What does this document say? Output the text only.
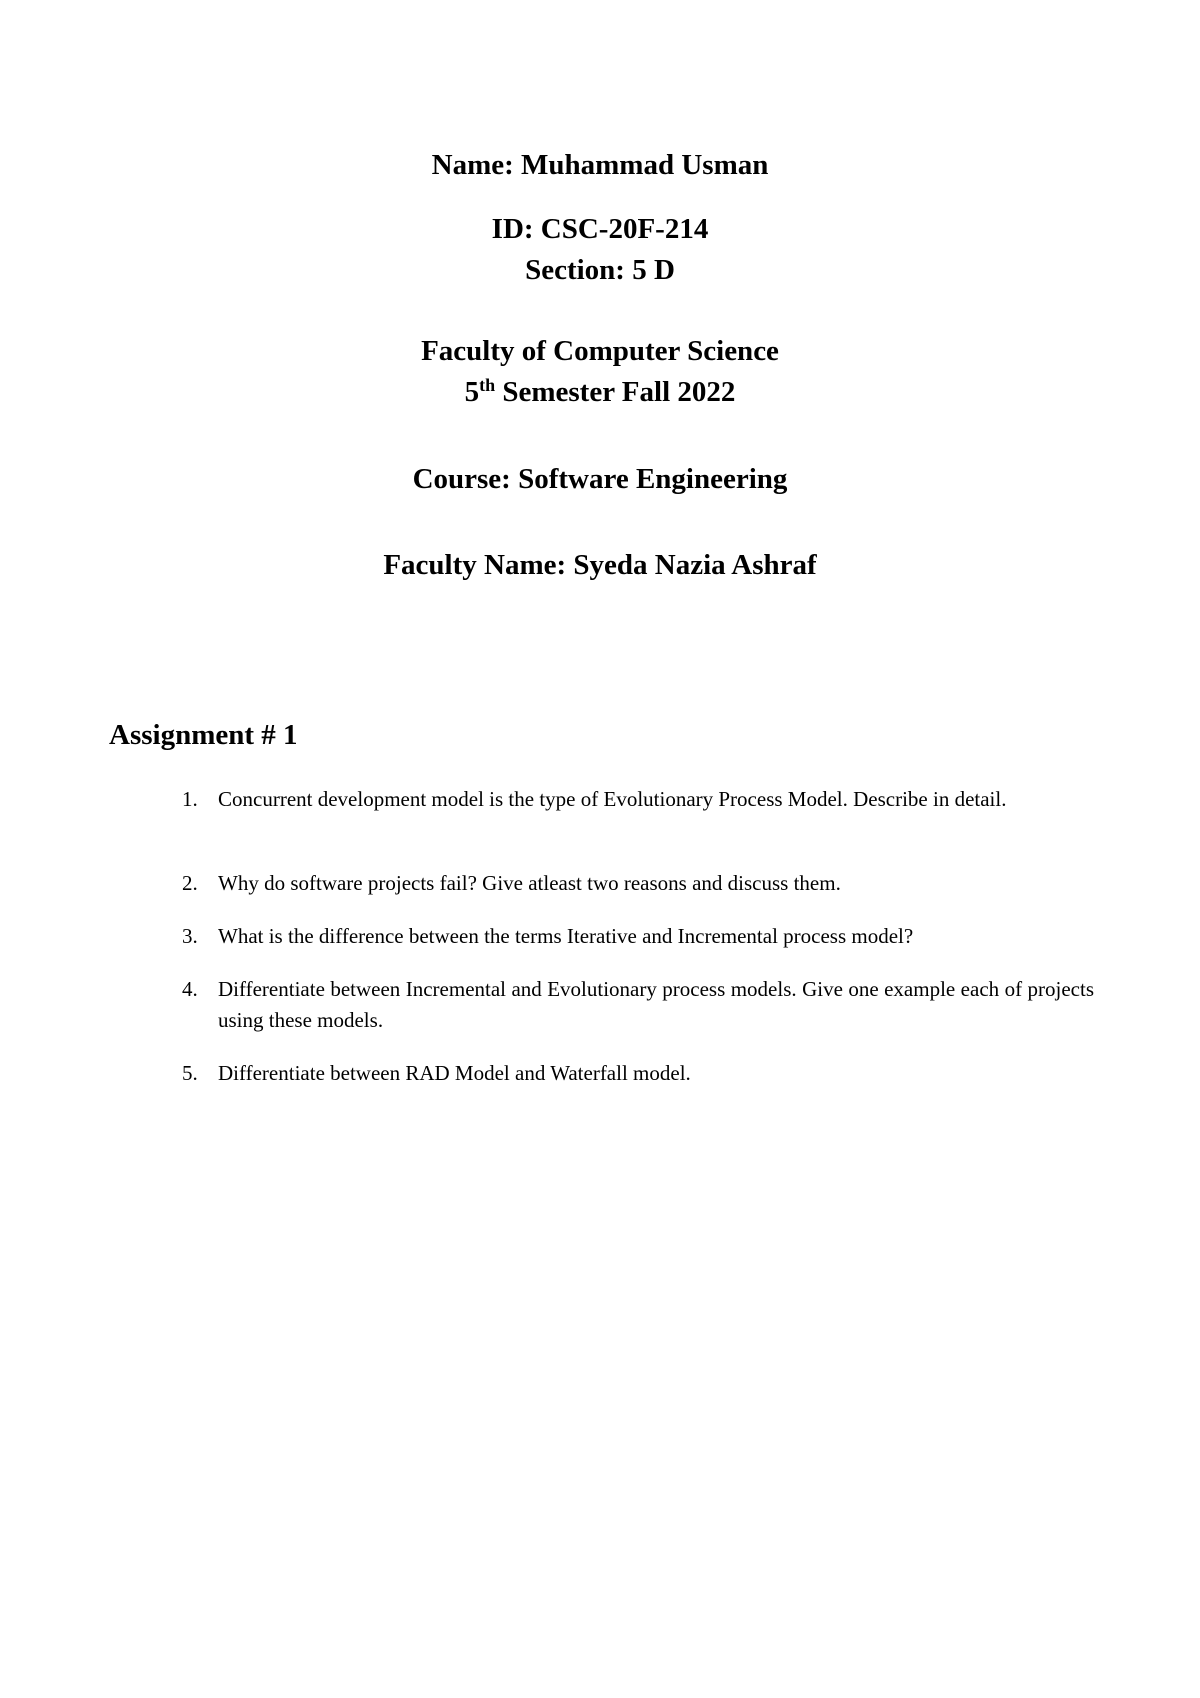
Name: Muhammad Usman
ID: CSC-20F-214
Section: 5 D
Faculty of Computer Science
5th Semester Fall 2022
Course: Software Engineering
Faculty Name: Syeda Nazia Ashraf
Assignment # 1
1. Concurrent development model is the type of Evolutionary Process Model. Describe in detail.
2. Why do software projects fail? Give atleast two reasons and discuss them.
3. What is the difference between the terms Iterative and Incremental process model?
4. Differentiate between Incremental and Evolutionary process models. Give one example each of projects using these models.
5. Differentiate between RAD Model and Waterfall model.
